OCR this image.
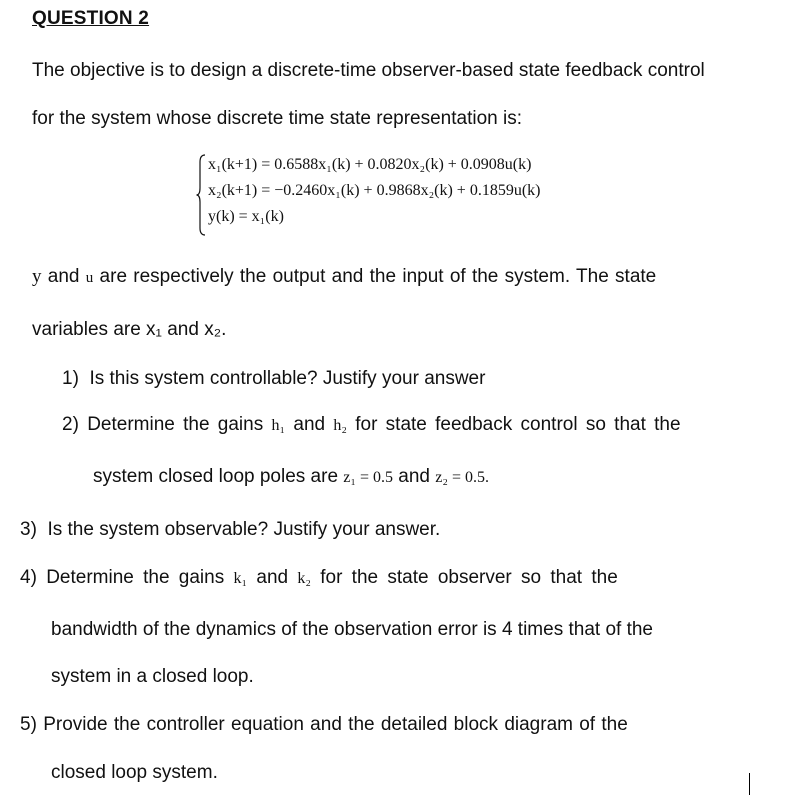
QUESTION 2
The objective is to design a discrete-time observer-based state feedback control
for the system whose discrete time state representation is:
x₁(k+1) = 0.6588x₁(k) + 0.0820x₂(k) + 0.0908u(k)
x₂(k+1) = −0.2460x₁(k) + 0.9868x₂(k) + 0.1859u(k)
y(k) = x₁(k)
y and u are respectively the output and the input of the system. The state
variables are x₁ and x₂.
1) Is this system controllable? Justify your answer
2) Determine the gains h₁ and h₂ for state feedback control so that the
system closed loop poles are z₁ = 0.5 and z₂ = 0.5.
3) Is the system observable? Justify your answer.
4) Determine the gains k₁ and k₂ for the state observer so that the
bandwidth of the dynamics of the observation error is 4 times that of the
system in a closed loop.
5) Provide the controller equation and the detailed block diagram of the
closed loop system.
